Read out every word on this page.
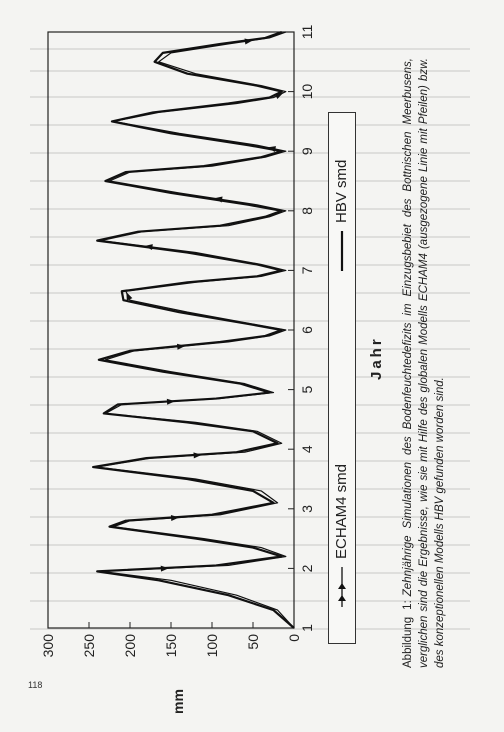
1
2
3
4
5
6
7
8
9
10
11
0
50
100
150
200
250
300
mm
ECHAM4 smd
HBV smd
Jahr
Abbildung 1:Zehnjährige Simulationen des Bodenfeuchtedefizits im Einzugsbebiet des Bottnischen Meerbusens, verglichen sind die Ergebnisse, wie sie mit Hilfe des globalen Modells ECHAM4 (ausgezogene Linie mit Pfeilen) bzw. des konzeptionellen Modells HBV gefunden worden sind.
118
